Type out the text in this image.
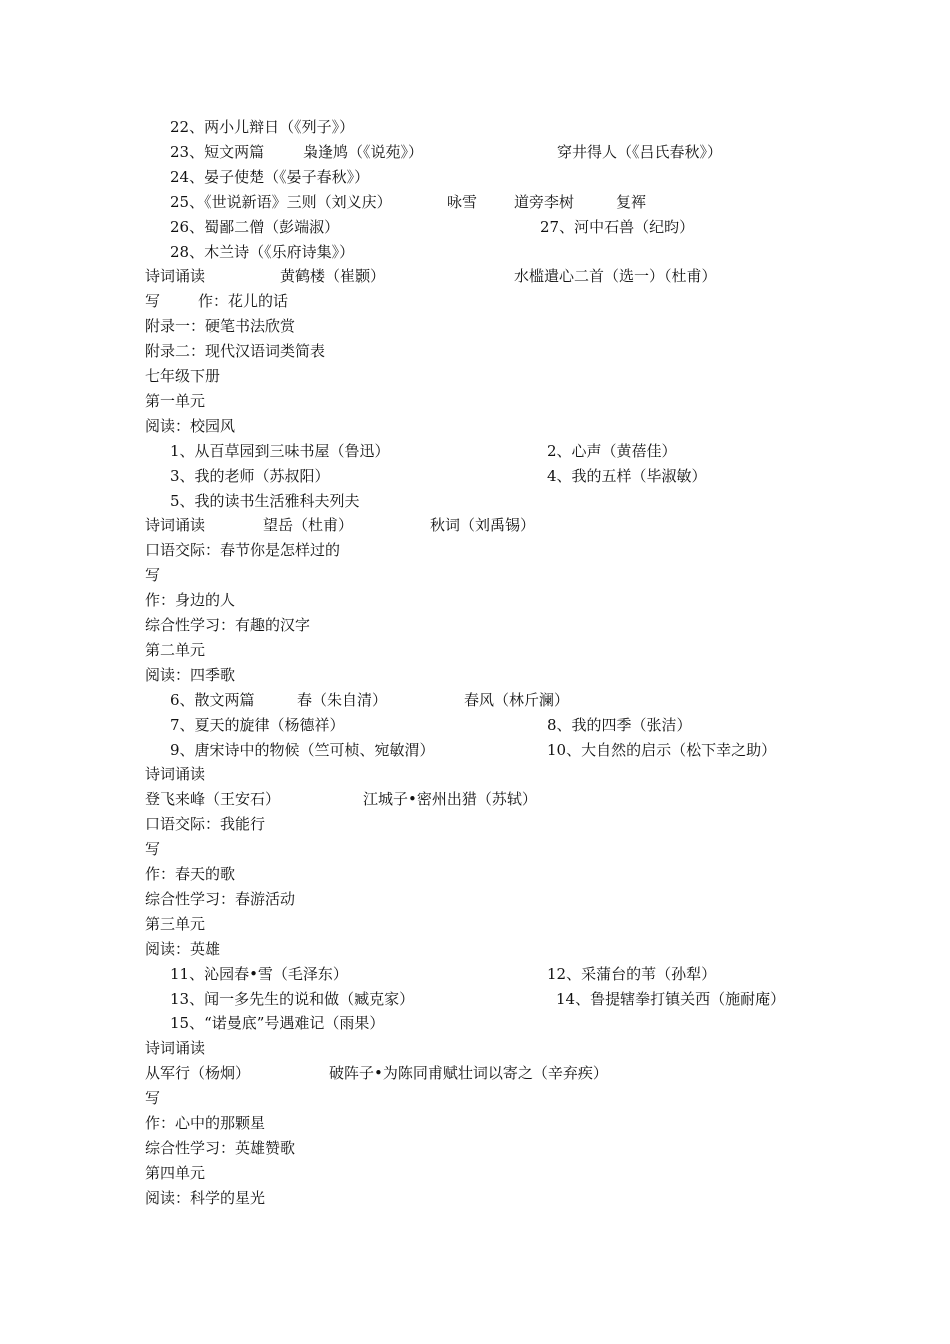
22、两小儿辩日（《列子》）
23、短文两篇	枭逢鸠（《说苑》）	穿井得人（《吕氏春秋》）
24、晏子使楚（《晏子春秋》）
25、《世说新语》三则（刘义庆）	咏雪 道旁李树	复裈
26、蜀鄙二僧（彭端淑）	27、河中石兽（纪昀）
28、木兰诗（《乐府诗集》）
诗词诵读	黄鹤楼（崔颢）	水槛遣心二首（选一）（杜甫）
写	作：花儿的话
附录一：硬笔书法欣赏
附录二：现代汉语词类简表
七年级下册
第一单元
阅读：校园风
1、从百草园到三味书屋（鲁迅）	2、心声（黄蓓佳）
3、我的老师（苏叔阳）	4、我的五样（毕淑敏）
5、我的读书生活雅科夫列夫
诗词诵读	望岳（杜甫）	秋词（刘禹锡）
口语交际：春节你是怎样过的
写
作：身边的人
综合性学习：有趣的汉字
第二单元
阅读：四季歌
6、散文两篇	春（朱自清）	春风（林斤澜）
7、夏天的旋律（杨德祥）	8、我的四季（张洁）
9、唐宋诗中的物候（竺可桢、宛敏渭）	10、大自然的启示（松下幸之助）
诗词诵读
登飞来峰（王安石）	江城子•密州出猎（苏轼）
口语交际：我能行
写
作：春天的歌
综合性学习：春游活动
第三单元
阅读：英雄
11、沁园春•雪（毛泽东）	12、采蒲台的苇（孙犁）
13、闻一多先生的说和做（臧克家）	14、鲁提辖拳打镇关西（施耐庵）
15、“诺曼底”号遇难记（雨果）
诗词诵读
从军行（杨炯）	破阵子•为陈同甫赋壮词以寄之（辛弃疾）
写
作：心中的那颗星
综合性学习：英雄赞歌
第四单元
阅读：科学的星光
